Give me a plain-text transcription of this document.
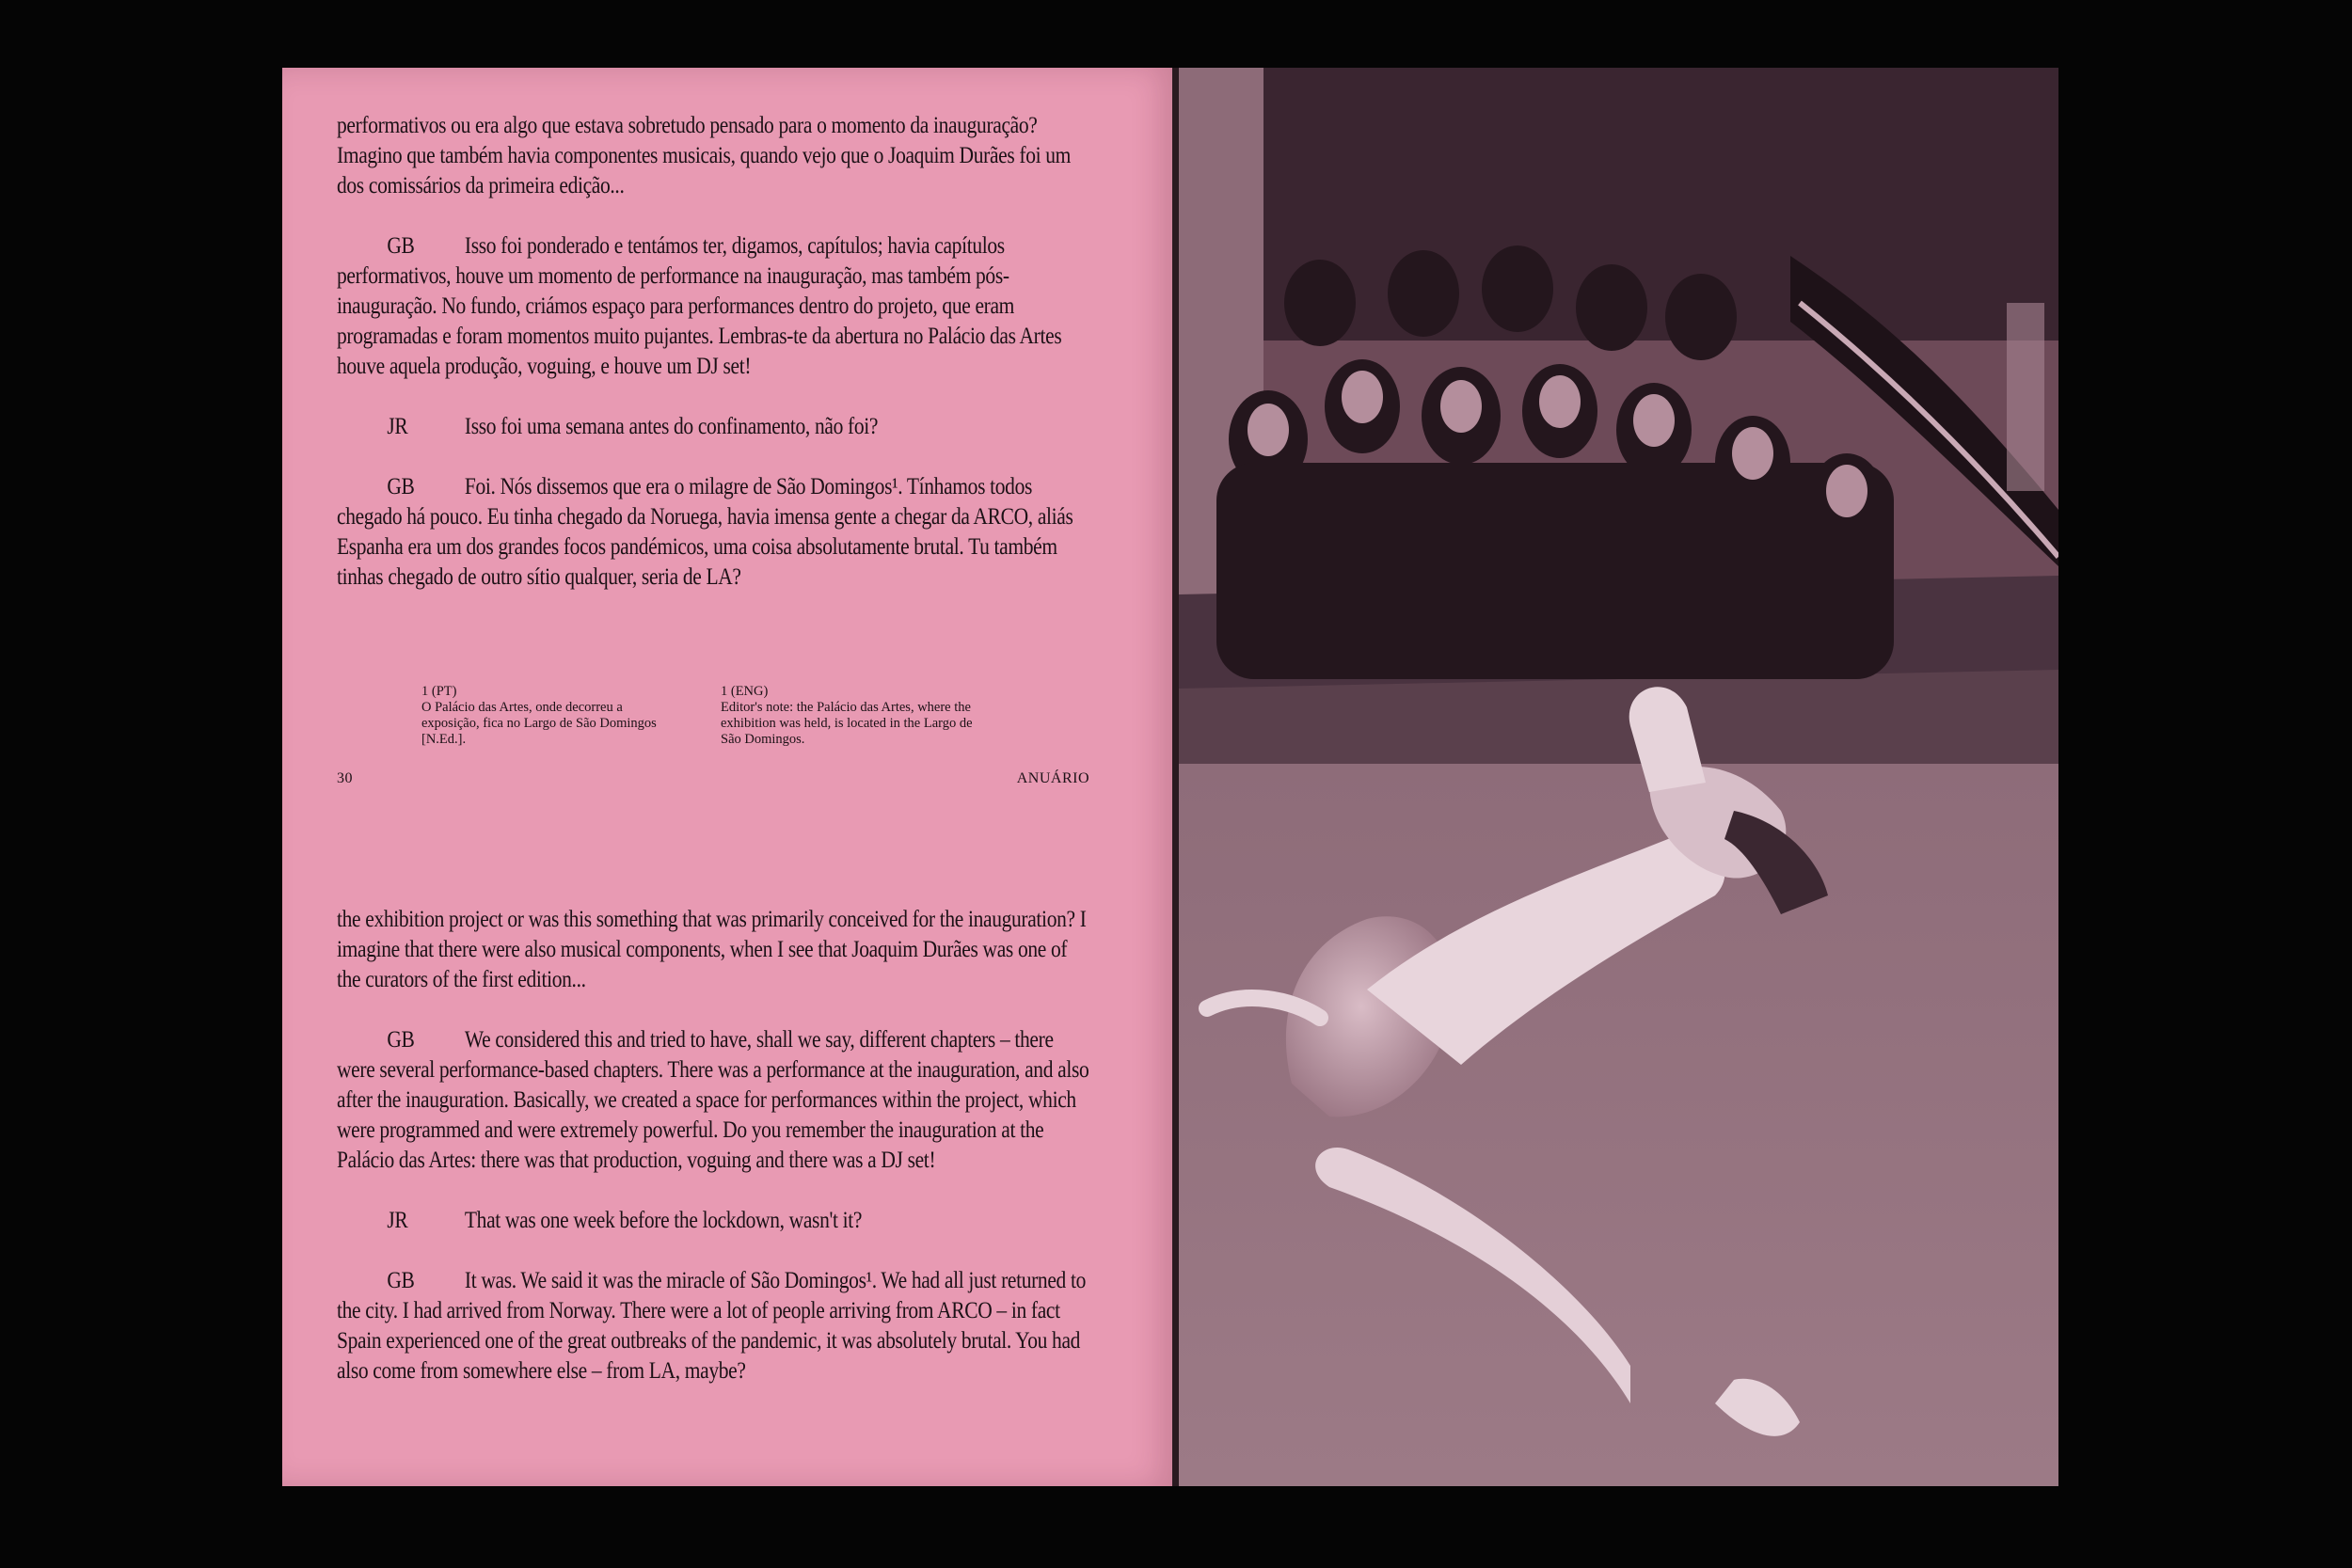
performativos ou era algo que estava sobretudo pensado para o momento da inauguração? Imagino que também havia componentes musicais, quando vejo que o Joaquim Durães foi um dos comissários da primeira edição...

GB Isso foi ponderado e tentámos ter, digamos, capítulos; havia capítulos performativos, houve um momento de performance na inauguração, mas também pós-inauguração. No fundo, criámos espaço para performances dentro do projeto, que eram programadas e foram momentos muito pujantes. Lembras-te da abertura no Palácio das Artes houve aquela produção, voguing, e houve um DJ set!

JR Isso foi uma semana antes do confinamento, não foi?

GB Foi. Nós dissemos que era o milagre de São Domingos¹. Tínhamos todos chegado há pouco. Eu tinha chegado da Noruega, havia imensa gente a chegar da ARCO, aliás Espanha era um dos grandes focos pandémicos, uma coisa absolutamente brutal. Tu também tinhas chegado de outro sítio qualquer, seria de LA?

1 (PT)
O Palácio das Artes, onde decorreu a exposição, fica no Largo de São Domingos [N.Ed.].
1 (ENG)
Editor's note: the Palácio das Artes, where the exhibition was held, is located in the Largo de São Domingos.
30	ANUÁRIO

the exhibition project or was this something that was primarily conceived for the inauguration? I imagine that there were also musical components, when I see that Joaquim Durães was one of the curators of the first edition...

GB We considered this and tried to have, shall we say, different chapters – there were several performance-based chapters. There was a performance at the inauguration, and also after the inauguration. Basically, we created a space for performances within the project, which were programmed and were extremely powerful. Do you remember the inauguration at the Palácio das Artes: there was that production, voguing and there was a DJ set!

JR That was one week before the lockdown, wasn't it?

GB It was. We said it was the miracle of São Domingos¹. We had all just returned to the city. I had arrived from Norway. There were a lot of people arriving from ARCO – in fact Spain experienced one of the great outbreaks of the pandemic, it was absolutely brutal. You had also come from somewhere else – from LA, maybe?
